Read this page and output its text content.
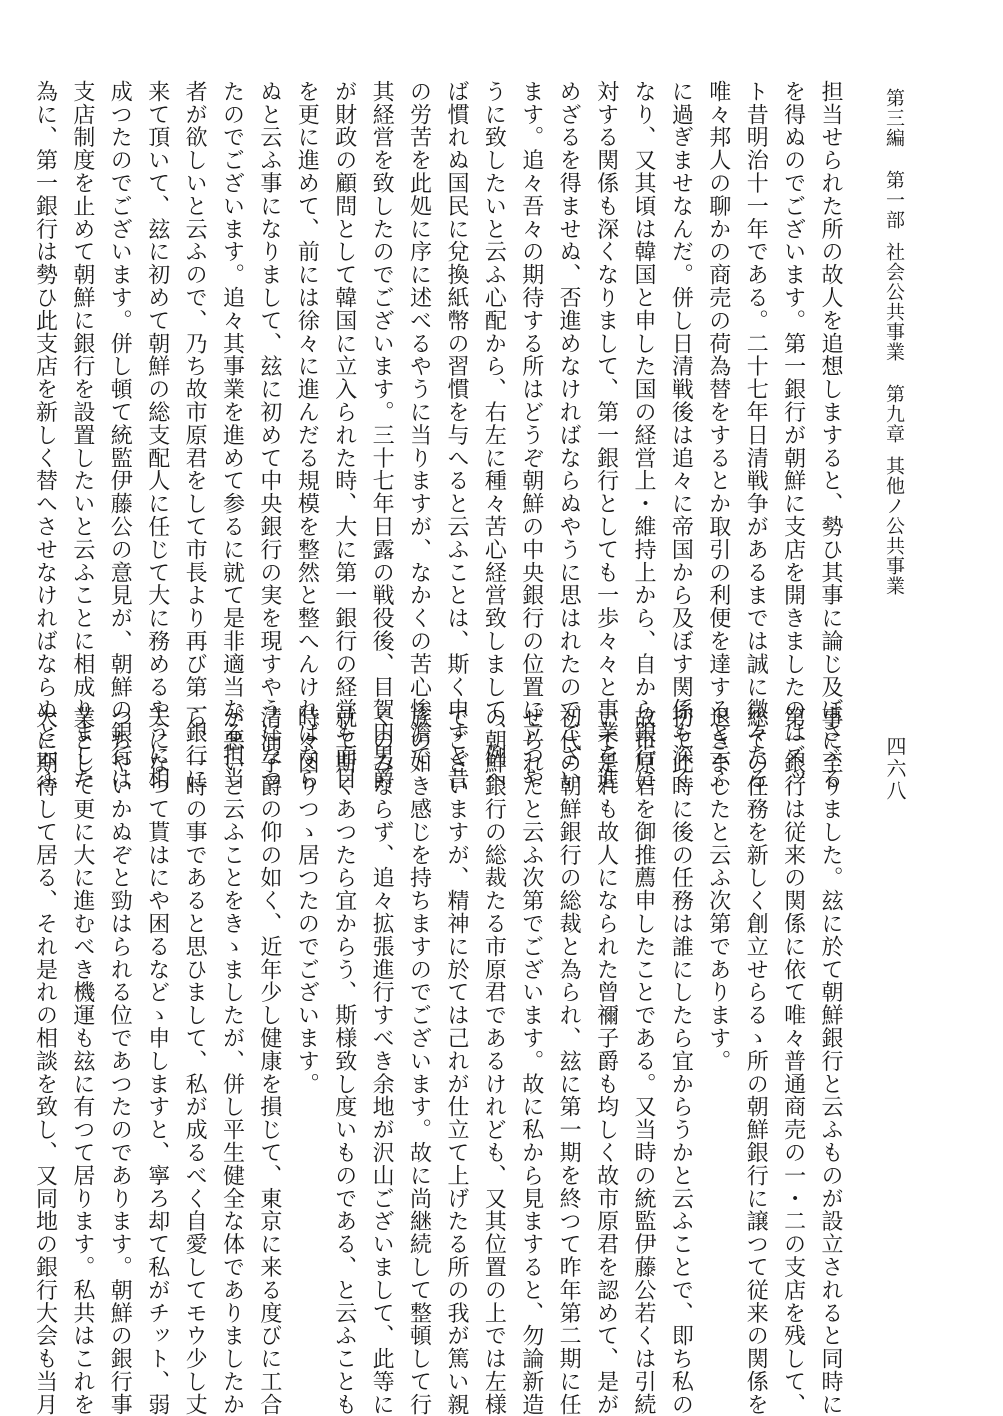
第三編第一部社会公共事業第九章其他ノ公共事業
四六八
担当せられた所の故人を追想しますると、勢ひ其事に論じ及ぼさゞる
を得ぬのでございます。第一銀行が朝鮮に支店を開きましたのはズッ
ト昔明治十一年である。二十七年日清戦争があるまでは誠に微々たる
唯々邦人の聊かの商売の荷為替をするとか取引の利便を達すると云ふ
に過ぎませなんだ。併し日清戦後は追々に帝国から及ぼす関係も深く
なり、又其頃は韓国と申した国の経営上・維持上から、自から銀行に
対する関係も深くなりまして、第一銀行としても一歩々々と事業を進
めざるを得ませぬ、否進めなければならぬやうに思はれたのでござい
ます。追々吾々の期待する所はどうぞ朝鮮の中央銀行の位置に立つや
うに致したいと云ふ心配から、右左に種々苦心経営致しまして、例へ
ば慣れぬ国民に兌換紙幣の習慣を与へると云ふことは、斯く申すと昔
の労苦を此処に序に述べるやうに当りますが、なかくの苦心惨澹で
其経営を致したのでございます。三十七年日露の戦役後、目賀田男爵
が財政の顧問として韓国に立入られた時、大に第一銀行の経営も面目
を更に進めて、前には徐々に進んだる規模を整然と整へんければなら
ぬと云ふ事になりまして、玆に初めて中央銀行の実を現すやうになつ
たのでございます。追々其事業を進めて参るに就て是非適当なる担当
者が欲しいと云ふので、乃ち故市原君をして市長より再び第一銀行に
来て頂いて、玆に初めて朝鮮の総支配人に任じて大に務めるやうに相
成つたのでございます。併し頓て統監伊藤公の意見が、朝鮮の銀行は
支店制度を止めて朝鮮に銀行を設置したいと云ふことに相成りました
為に、第一銀行は勢ひ此支店を新しく替へさせなければならぬと云ふ
事に至りました。玆に於て朝鮮銀行と云ふものが設立されると同時に
第一銀行は従来の関係に依て唯々普通商売の一・二の支店を残して、
総ての任務を新しく創立せらるゝ所の朝鮮銀行に譲つて従来の関係を
退きましたと云ふ次第であります。
扨て此時に後の任務は誰にしたら宜からうかと云ふことで、即ち私の
故市原君を御推薦申したことである。又当時の統監伊藤公若くは引続
いて是れも故人になられた曾禰子爵も均しく故市原君を認めて、是が
初代の朝鮮銀行の総裁と為られ、玆に第一期を終つて昨年第二期に任
ぜられたと云ふ次第でございます。故に私から見ますると、勿論新造
の朝鮮銀行の総裁たる市原君であるけれども、又其位置の上では左様
でございますが、精神に於ては己れが仕立て上げたる所の我が篤い親
族の如き感じを持ちますのでございます。故に尚継続して整頓して行
くのみならず、追々拡張進行すべき余地が沢山ございまして、此等に
就て斯くあつたら宜からう、斯様致し度いものである、と云ふことも
時々図りつゝ居つたのでございます。
清浦子爵の仰の如く、近年少し健康を損じて、東京に来る度びに工合
が悪いと云ふことをきゝましたが、併し平生健全な体でありましたか
ら、一時の事であると思ひまして、私が成るべく自愛してモウ少し丈
夫になつて貰はにや困るなどゝ申しますと、寧ろ却て私がチット、弱
つちやいかぬぞと勁はられる位であつたのであります。朝鮮の銀行事
業として更に大に進むべき機運も玆に有つて居ります。私共はこれを
大に期待して居る、それ是れの相談を致し、又同地の銀行大会も当月
